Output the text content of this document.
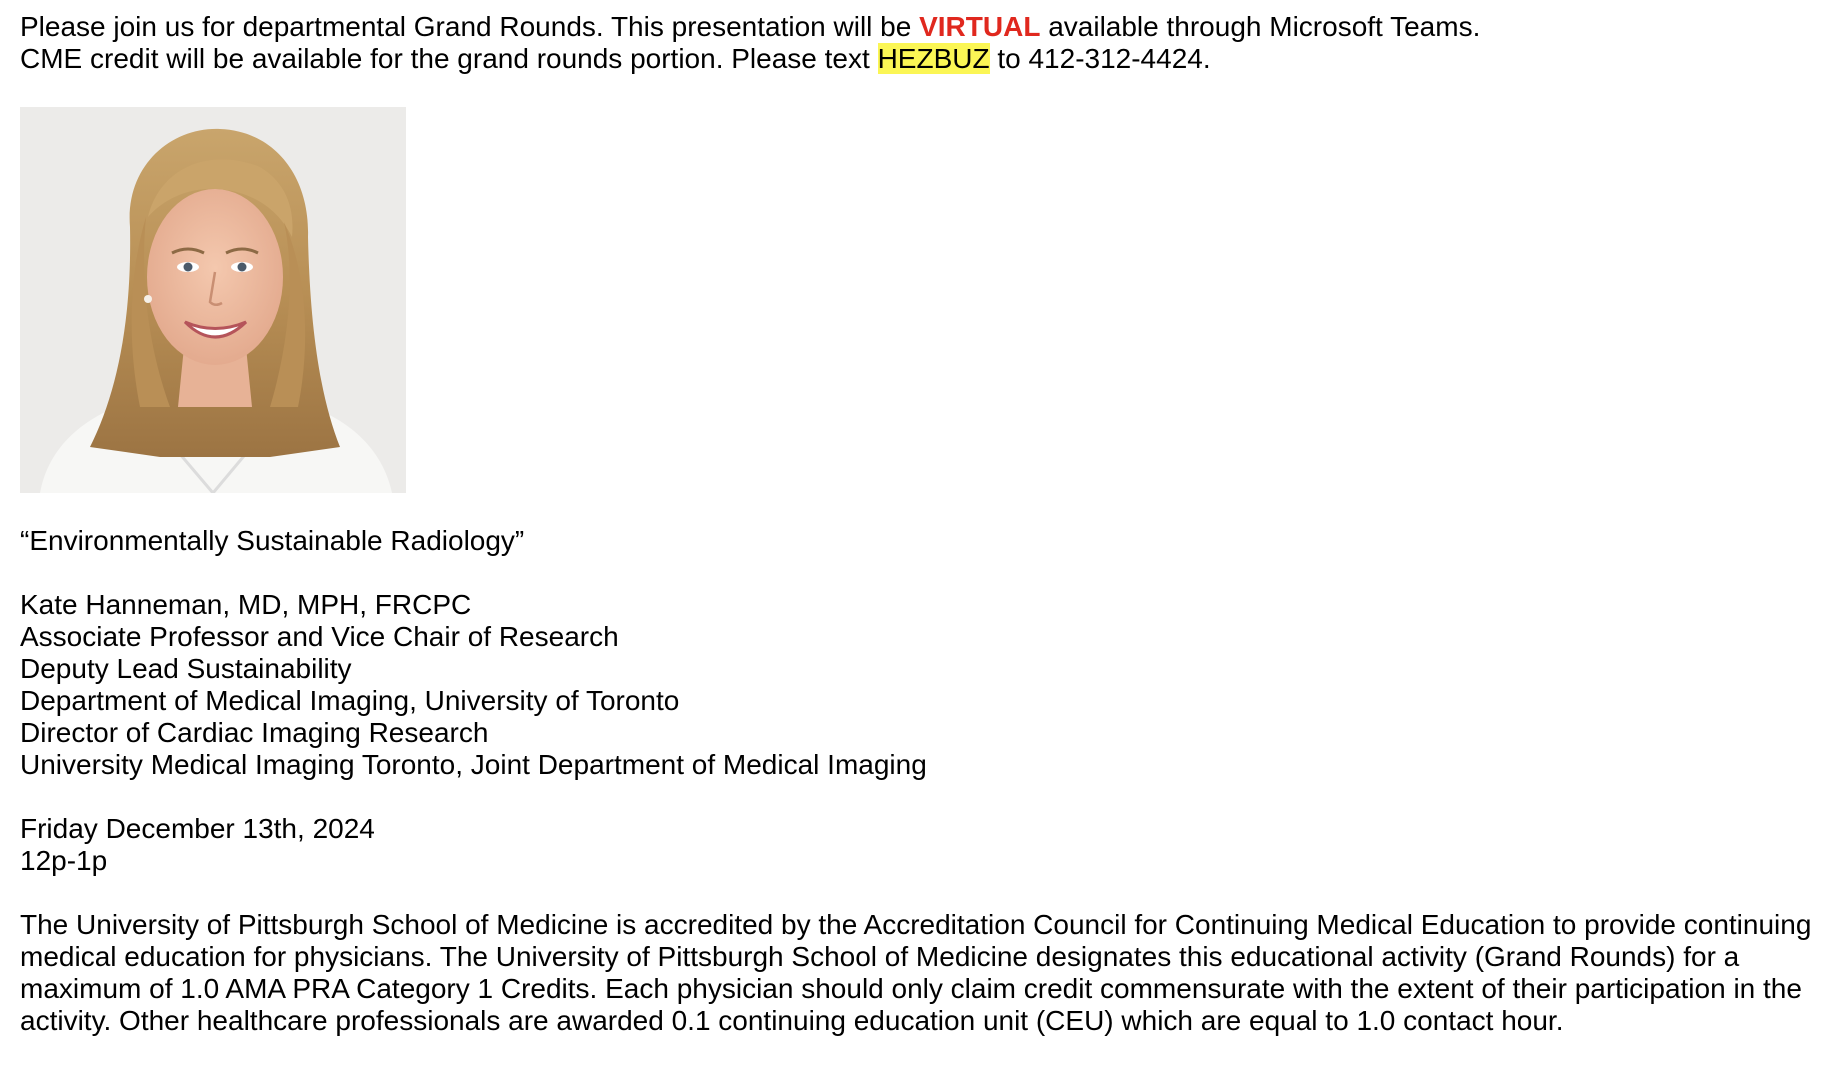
Please join us for departmental Grand Rounds. This presentation will be VIRTUAL available through Microsoft Teams.
CME credit will be available for the grand rounds portion. Please text HEZBUZ to 412-312-4424.
“Environmentally Sustainable Radiology”
Kate Hanneman, MD, MPH, FRCPC
Associate Professor and Vice Chair of Research
Deputy Lead Sustainability
Department of Medical Imaging, University of Toronto
Director of Cardiac Imaging Research
University Medical Imaging Toronto, Joint Department of Medical Imaging
Friday December 13th, 2024
12p-1p
The University of Pittsburgh School of Medicine is accredited by the Accreditation Council for Continuing Medical Education to provide continuing medical education for physicians. The University of Pittsburgh School of Medicine designates this educational activity (Grand Rounds) for a maximum of 1.0 AMA PRA Category 1 Credits. Each physician should only claim credit commensurate with the extent of their participation in the activity. Other healthcare professionals are awarded 0.1 continuing education unit (CEU) which are equal to 1.0 contact hour.
